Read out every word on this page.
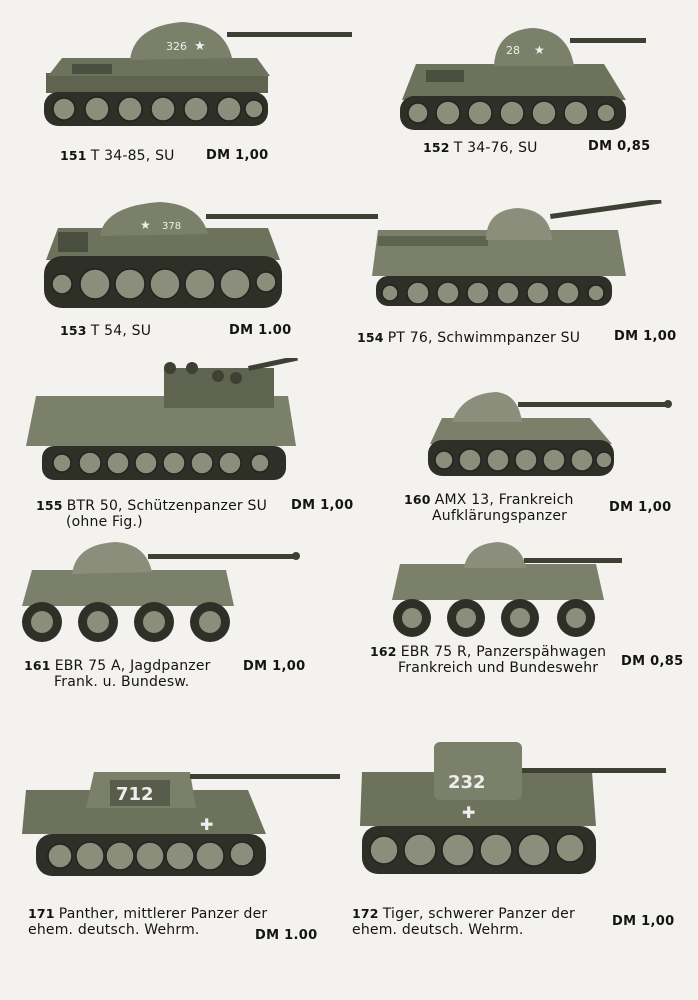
326 ★
151 T 34-85, SU DM 1,00
28 ★
152 T 34-76, SU	DM 0,85
★ 378
153 T 54, SU	DM 1.00	154 PT 76, Schwimmpanzer SU	DM 1,00
155 BTR 50, Schützenpanzer SU
(ohne Fig.)
DM 1,00	160 AMX 13, Frankreich
Aufklärungspanzer
DM 1,00
161 EBR 75 A, Jagdpanzer
Frank. u. Bundesw.
DM 1,00
162 EBR 75 R, Panzerspähwagen
Frankreich und Bundeswehr	DM 0,85
712
✚
171 Panther, mittlerer Panzer der
ehem. deutsch. Wehrm.	DM 1.00
232
✚
172 Tiger, schwerer Panzer der
ehem. deutsch. Wehrm.
DM 1,00
